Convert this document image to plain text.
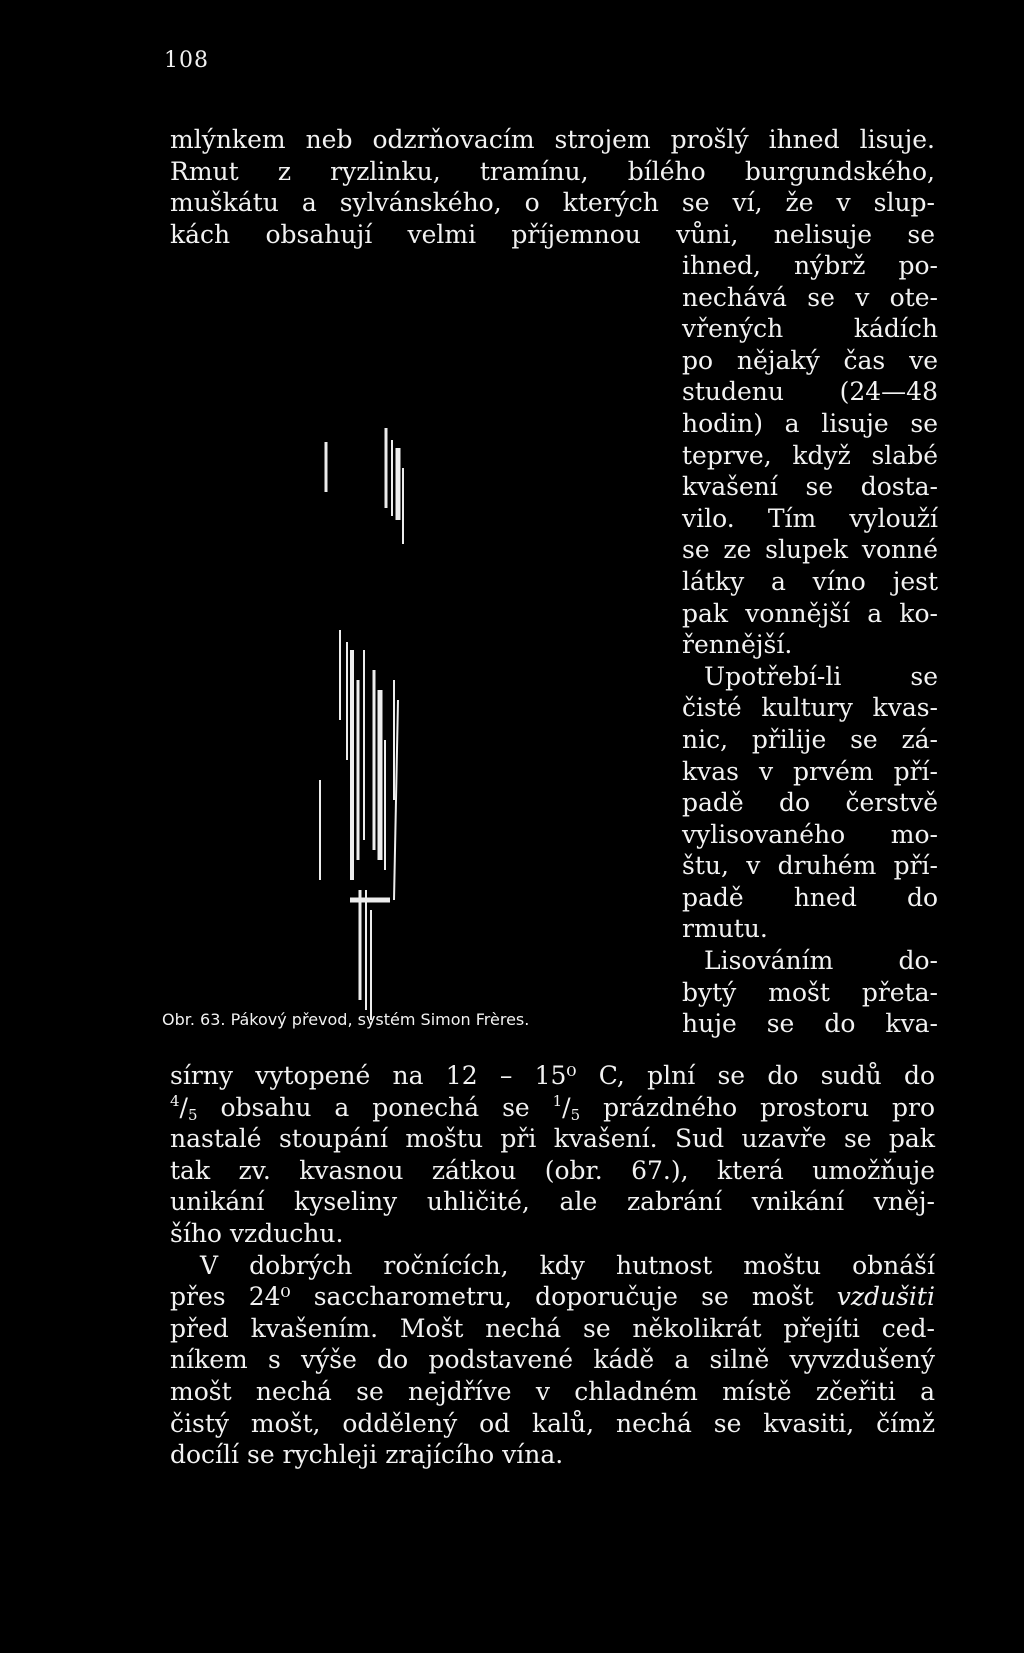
108
mlýnkem neb odzrňovacím strojem prošlý ihned lisuje.
Rmut z ryzlinku, tramínu, bílého burgundského,
muškátu a sylvánského, o kterých se ví, že v slup-
kách obsahují velmi příjemnou vůni, nelisuje se
ihned, nýbrž po-
nechává se v ote-
vřených kádích
po nějaký čas ve
studenu (24—48
hodin) a lisuje se
teprve, když slabé
kvašení se dosta-
vilo. Tím vylouží
se ze slupek vonné
látky a víno jest
pak vonnější a ko-
řennější.
Upotřebí-li se
čisté kultury kvas-
nic, přilije se zá-
kvas v prvém pří-
padě do čerstvě
vylisovaného mo-
štu, v druhém pří-
padě hned do
rmutu.
Lisováním do-
bytý mošt přeta-
huje se do kva-
Obr. 63. Pákový převod, systém Simon Frères.
sírny vytopené na 12 – 15⁰ C, plní se do sudů do
$^4/_5$ obsahu a ponechá se $^1/_5$ prázdného prostoru pro
nastalé stoupání moštu při kvašení. Sud uzavře se pak
tak zv. kvasnou zátkou (obr. 67.), která umožňuje
unikání kyseliny uhličité, ale zabrání vnikání vněj-
šího vzduchu.
V dobrých ročnících, kdy hutnost moštu obnáší
přes 24⁰ saccharometru, doporučuje se mošt vzdušiti
před kvašením. Mošt nechá se několikrát přejíti ced-
níkem s výše do podstavené kádě a silně vyvzdušený
mošt nechá se nejdříve v chladném místě zčeřiti a
čistý mošt, oddělený od kalů, nechá se kvasiti, čímž
docílí se rychleji zrajícího vína.
